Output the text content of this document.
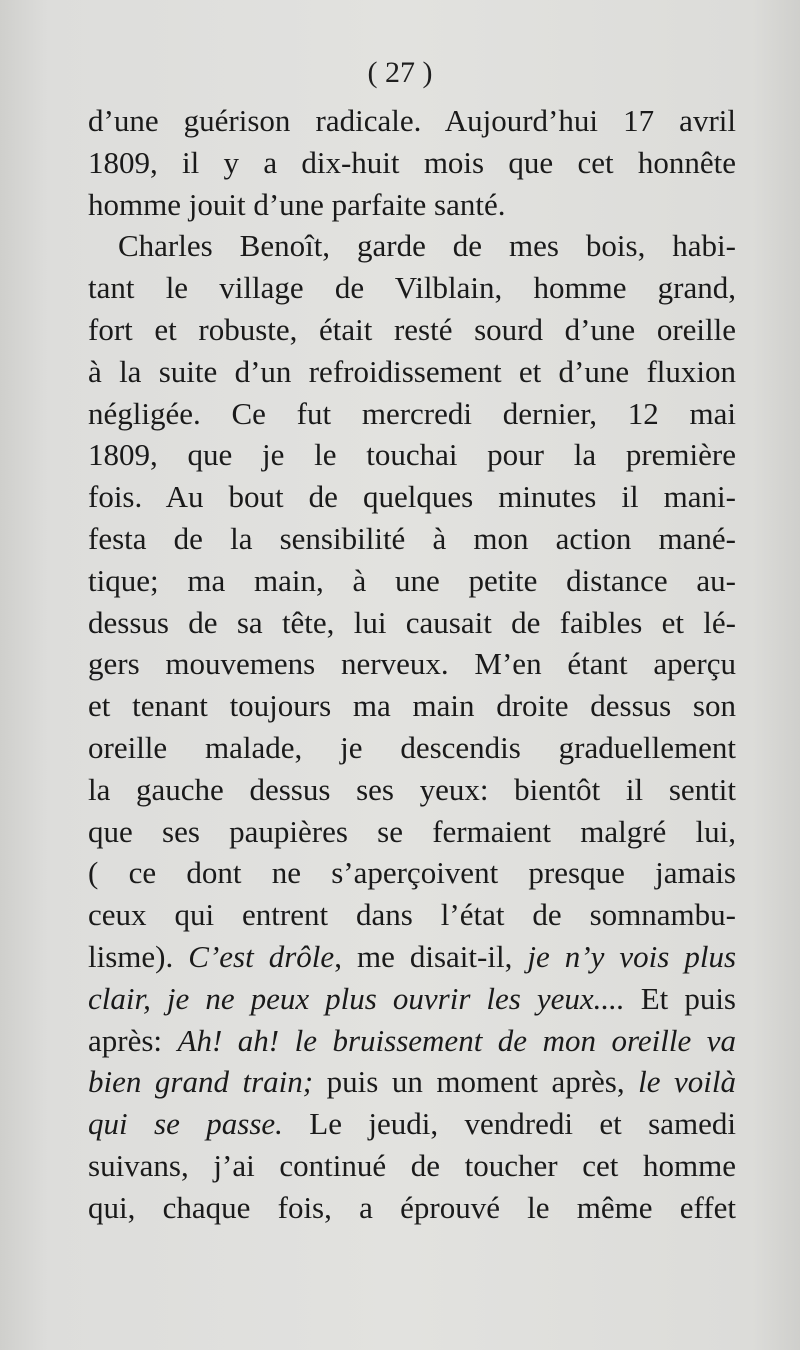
( 27 )
d’une guérison radicale. Aujourd’hui 17 avril
1809, il y a dix-huit mois que cet honnête
homme jouit d’une parfaite santé.
Charles Benoît, garde de mes bois, habi-
tant le village de Vilblain, homme grand,
fort et robuste, était resté sourd d’une oreille
à la suite d’un refroidissement et d’une fluxion
négligée. Ce fut mercredi dernier, 12 mai
1809, que je le touchai pour la première
fois. Au bout de quelques minutes il mani-
festa de la sensibilité à mon action mané-
tique; ma main, à une petite distance au-
dessus de sa tête, lui causait de faibles et lé-
gers mouvemens nerveux. M’en étant aperçu
et tenant toujours ma main droite dessus son
oreille malade, je descendis graduellement
la gauche dessus ses yeux: bientôt il sentit
que ses paupières se fermaient malgré lui,
( ce dont ne s’aperçoivent presque jamais
ceux qui entrent dans l’état de somnambu-
lisme). C’est drôle, me disait-il, je n’y vois plus
clair, je ne peux plus ouvrir les yeux.... Et puis
après: Ah! ah! le bruissement de mon oreille va
bien grand train; puis un moment après, le voilà
qui se passe. Le jeudi, vendredi et samedi
suivans, j’ai continué de toucher cet homme
qui, chaque fois, a éprouvé le même effet
